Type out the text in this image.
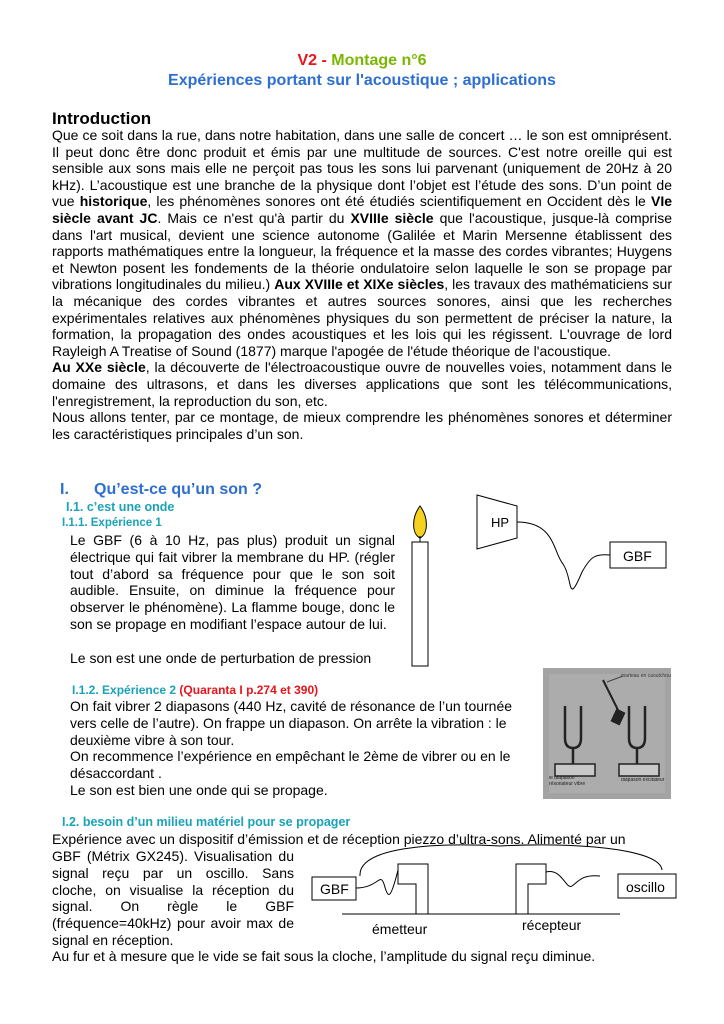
V2 - Montage n°6
Expériences portant sur l'acoustique ; applications
Introduction

Que ce soit dans la rue, dans notre habitation, dans une salle de concert … le son est omniprésent. Il peut donc être donc produit et émis par une multitude de sources. C'est notre oreille qui est sensible aux sons mais elle ne perçoit pas tous les sons lui parvenant (uniquement de 20Hz à 20 kHz). L’acoustique est une branche de la physique dont l’objet est l’étude des sons. D’un point de vue historique, les phénomènes sonores ont été étudiés scientifiquement en Occident dès le VIe siècle avant JC. Mais ce n'est qu'à partir du XVIIIe siècle que l'acoustique, jusque-là comprise dans l'art musical, devient une science autonome (Galilée et Marin Mersenne établissent des rapports mathématiques entre la longueur, la fréquence et la masse des cordes vibrantes; Huygens et Newton posent les fondements de la théorie ondulatoire selon laquelle le son se propage par vibrations longitudinales du milieu.) Aux XVIIIe et XIXe siècles, les travaux des mathématiciens sur la mécanique des cordes vibrantes et autres sources sonores, ainsi que les recherches expérimentales relatives aux phénomènes physiques du son permettent de préciser la nature, la formation, la propagation des ondes acoustiques et les lois qui les régissent. L'ouvrage de lord Rayleigh A Treatise of Sound (1877) marque l'apogée de l'étude théorique de l'acoustique.

Au XXe siècle, la découverte de l'électroacoustique ouvre de nouvelles voies, notamment dans le domaine des ultrasons, et dans les diverses applications que sont les télécommunications, l'enregistrement, la reproduction du son, etc.

Nous allons tenter, par ce montage, de mieux comprendre les phénomènes sonores et déterminer les caractéristiques principales d’un son.

I. Qu’est-ce qu’un son ?
I.1. c’est une onde
I.1.1. Expérience 1

Le GBF (6 à 10 Hz, pas plus) produit un signal électrique qui fait vibrer la membrane du HP. (régler tout d’abord sa fréquence pour que le son soit audible. Ensuite, on diminue la fréquence pour observer le phénomène). La flamme bouge, donc le son se propage en modifiant l’espace autour de lui.

Le son est une onde de perturbation de pression
HP
GBF
I.1.2. Expérience 2 (Quaranta I p.274 et 390)

On fait vibrer 2 diapasons (440 Hz, cavité de résonance de l’un tournée vers celle de l’autre). On frappe un diapason. On arrête la vibration : le deuxième vibre à son tour.

On recommence l’expérience en empêchant le 2ème de vibrer ou en le désaccordant .

Le son est bien une onde qui se propage.

marteau en caoutchouc
le diapason résonateur vibre
diapason excitateur
I.2. besoin d’un milieu matériel pour se propager
Expérience avec un dispositif d’émission et de réception piezzo d’ultra-sons. Alimenté par un
GBF (Métrix GX245). Visualisation du signal reçu par un oscillo. Sans cloche, on visualise la réception du signal. On règle le GBF (fréquence=40kHz) pour avoir max de signal en réception.
Au fur et à mesure que le vide se fait sous la cloche, l’amplitude du signal reçu diminue.
GBF	oscillo
émetteur	récepteur
